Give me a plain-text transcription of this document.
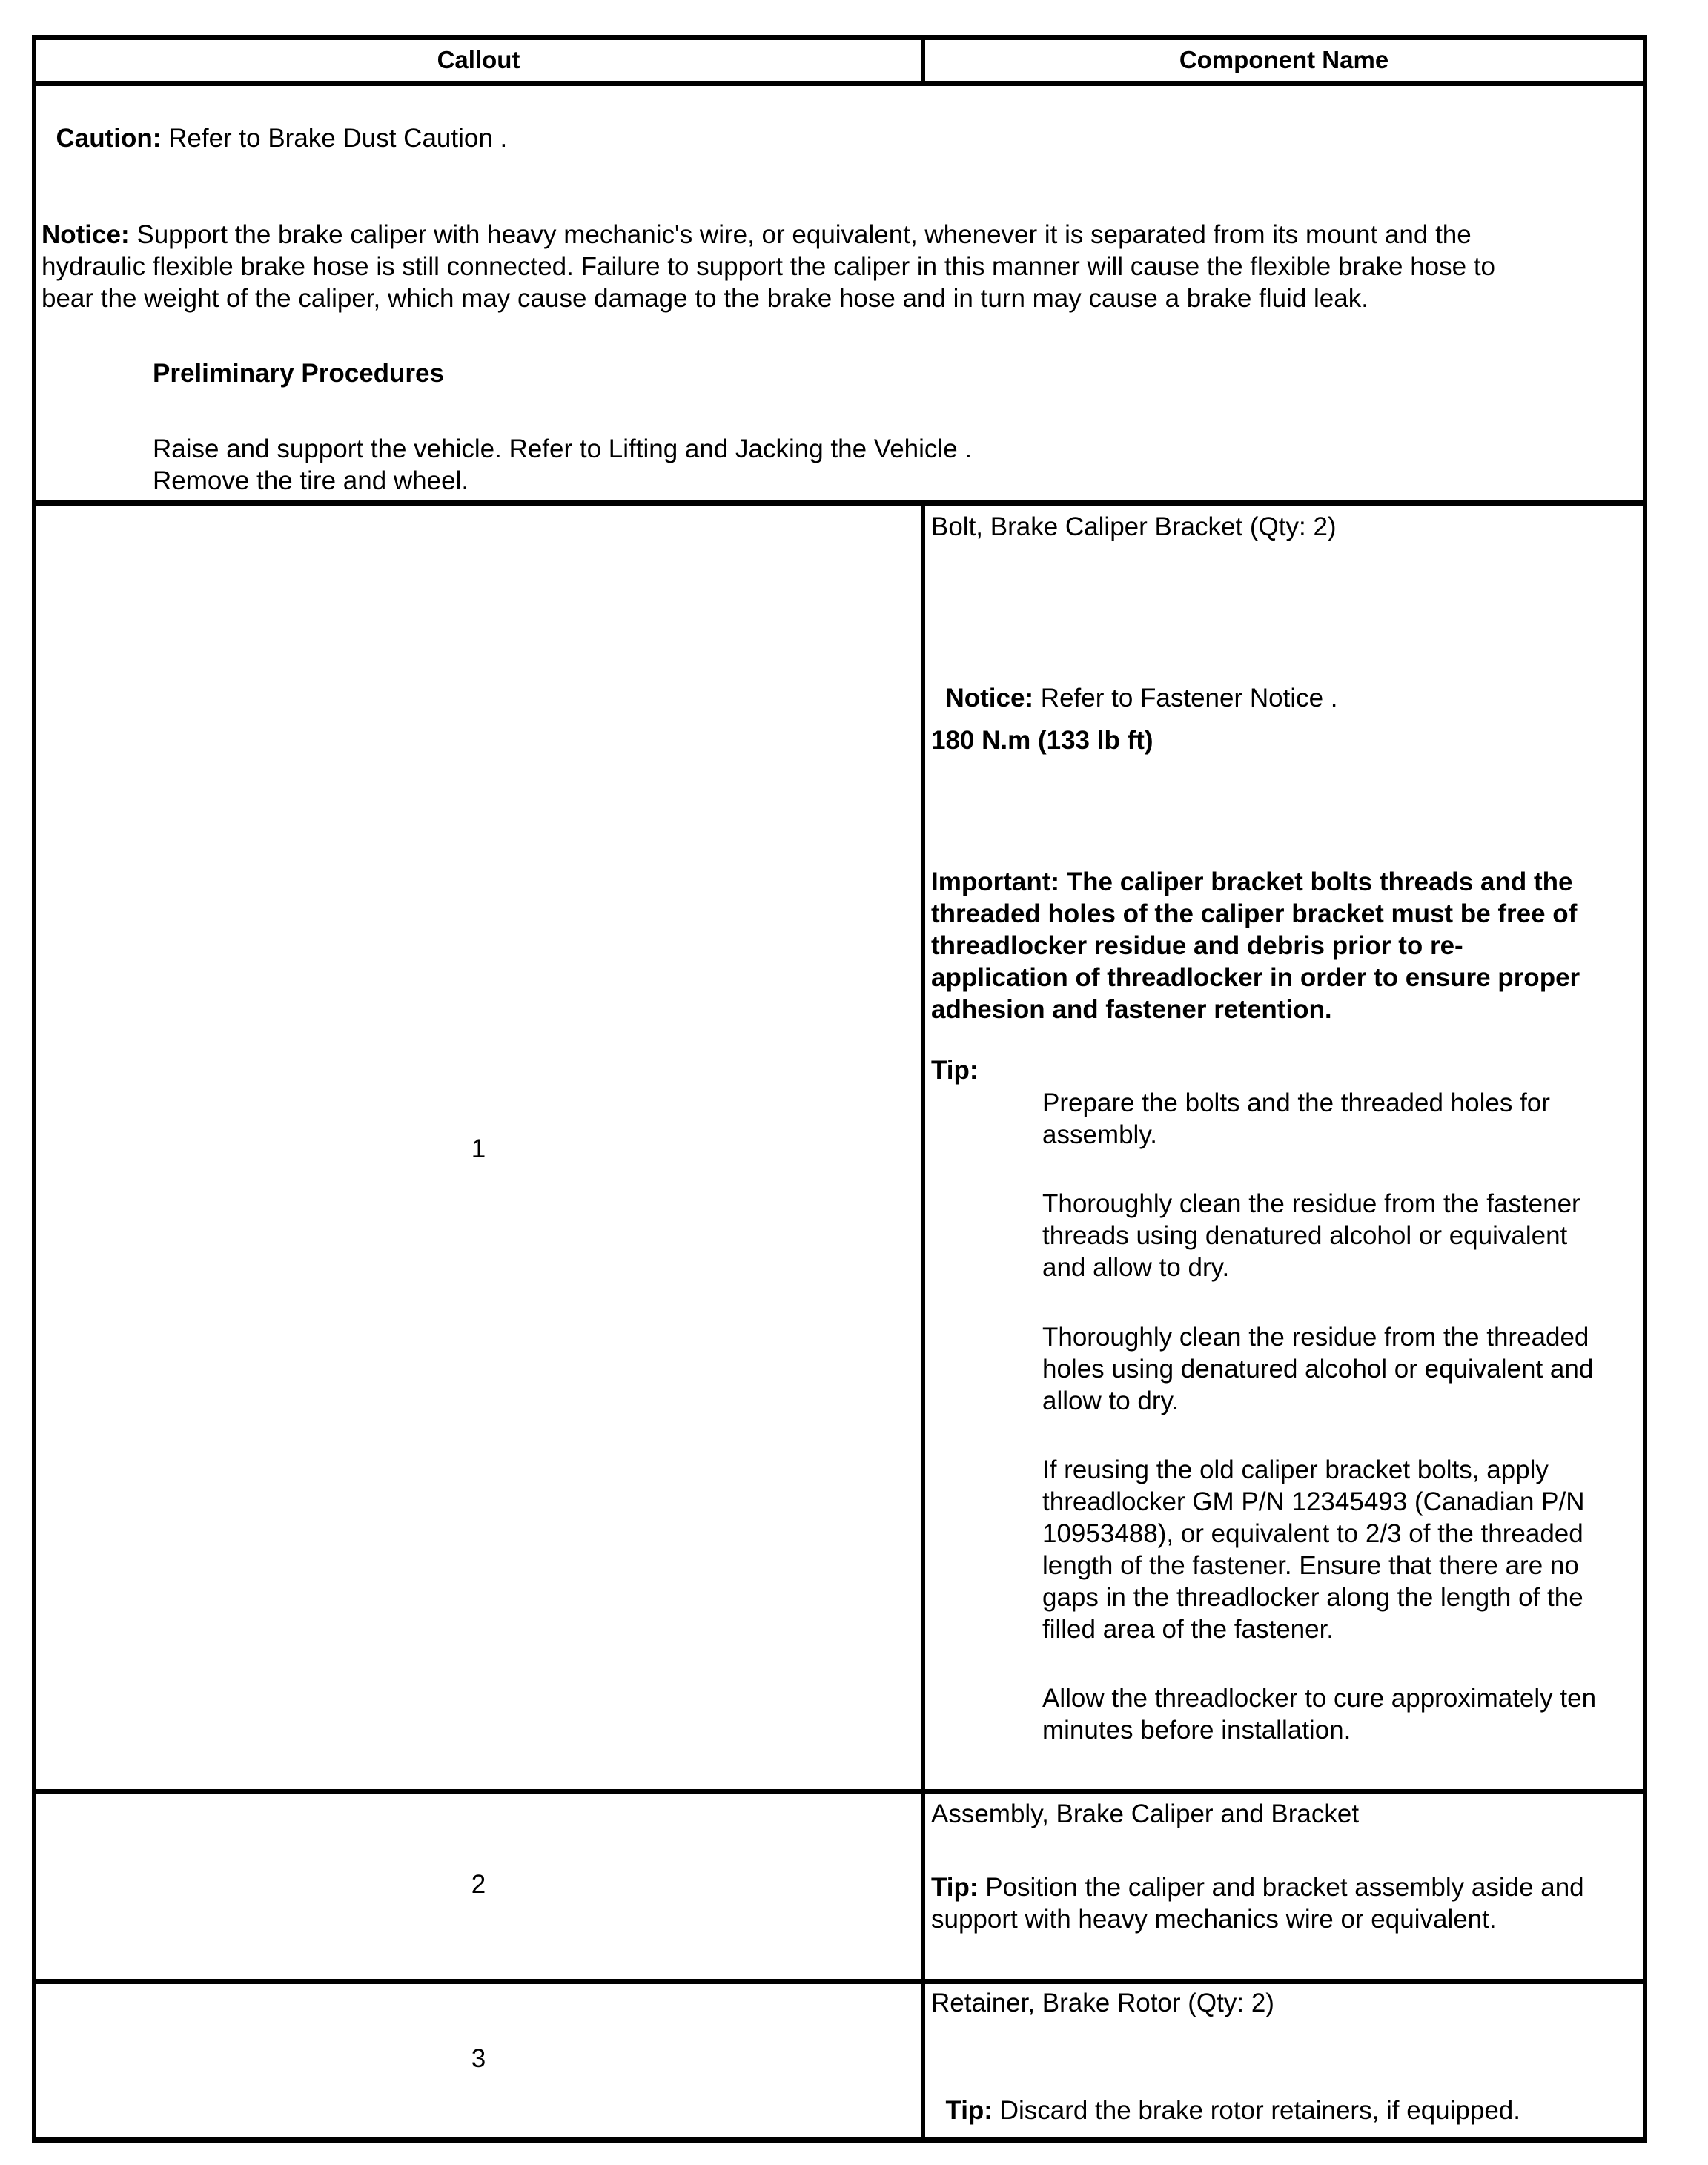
Callout	Component Name

Caution: Refer to Brake Dust Caution .

Notice: Support the brake caliper with heavy mechanic's wire, or equivalent, whenever it is separated from its mount and the
hydraulic flexible brake hose is still connected. Failure to support the caliper in this manner will cause the flexible brake hose to
bear the weight of the caliper, which may cause damage to the brake hose and in turn may cause a brake fluid leak.
Preliminary Procedures
Raise and support the vehicle. Refer to Lifting and Jacking the Vehicle .
Remove the tire and wheel.
1
Bolt, Brake Caliper Bracket (Qty: 2)

Notice: Refer to Fastener Notice .

180 N.m (133 lb ft)
Important: The caliper bracket bolts threads and the
threaded holes of the caliper bracket must be free of
threadlocker residue and debris prior to re-
application of threadlocker in order to ensure proper
adhesion and fastener retention.
Tip:
Prepare the bolts and the threaded holes for
assembly.
Thoroughly clean the residue from the fastener
threads using denatured alcohol or equivalent
and allow to dry.
Thoroughly clean the residue from the threaded
holes using denatured alcohol or equivalent and
allow to dry.
If reusing the old caliper bracket bolts, apply
threadlocker GM P/N 12345493 (Canadian P/N
10953488), or equivalent to 2/3 of the threaded
length of the fastener. Ensure that there are no
gaps in the threadlocker along the length of the
filled area of the fastener.
Allow the threadlocker to cure approximately ten
minutes before installation.
2
Assembly, Brake Caliper and Bracket
Tip: Position the caliper and bracket assembly aside and
support with heavy mechanics wire or equivalent.
3
Retainer, Brake Rotor (Qty: 2)

Tip: Discard the brake rotor retainers, if equipped.
